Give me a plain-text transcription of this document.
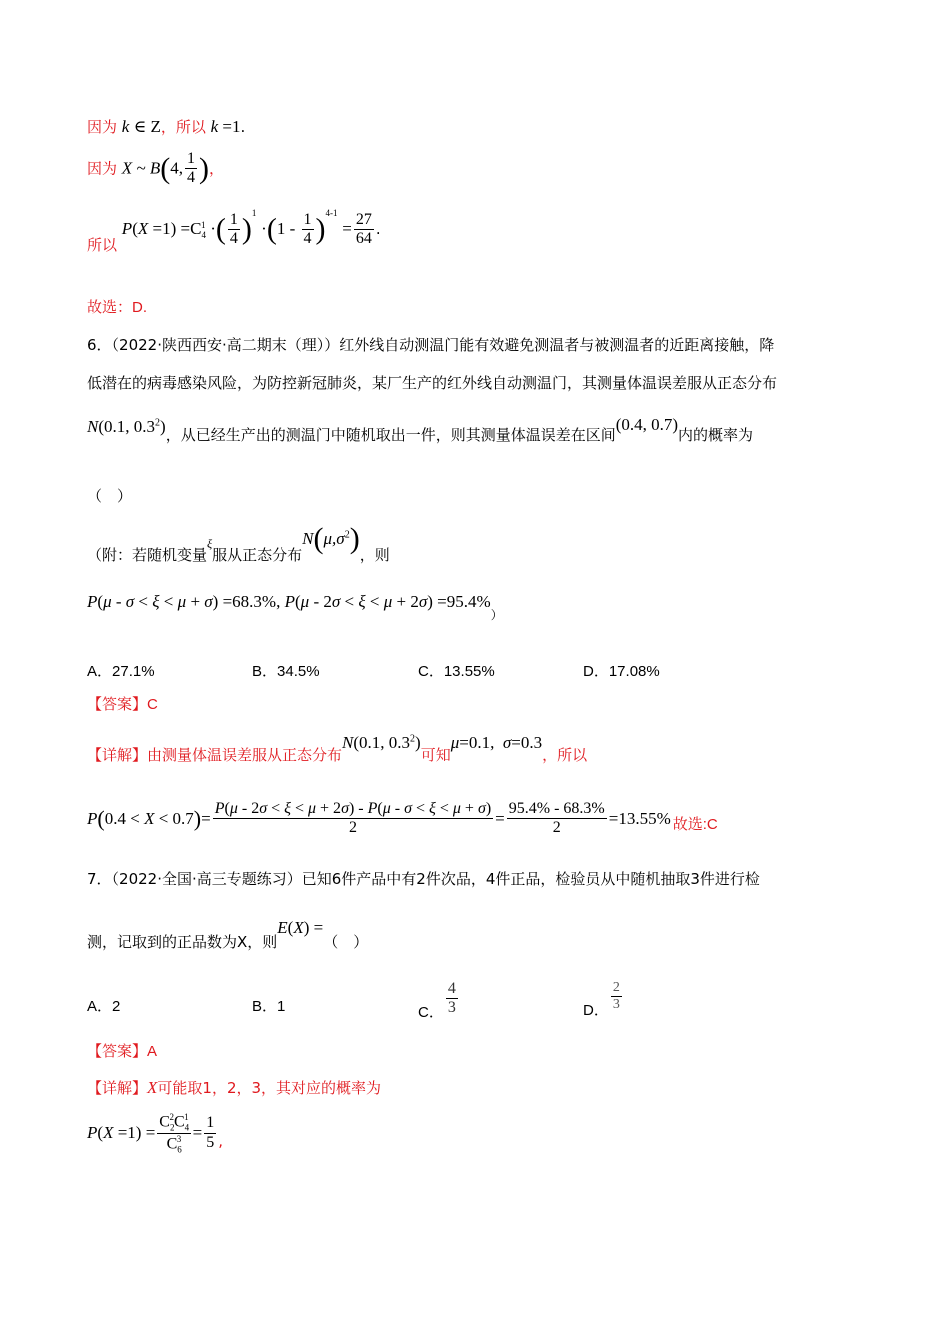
因为 k ∈ Z，所以 k =1.
因为 X ~ B(4, $\frac{1}{4}$ )，
所以 $P(X =1) =C_4^1$ ·( $\frac{1}{4} )^1 \cdot(1 - \frac{1}{4} )^{4-1} = \frac{27}{64}$ .
故选：D.
6．（2022·陕西西安·高二期末（理））红外线自动测温门能有效避免测温者与被测温者的近距离接触，降
低潜在的病毒感染风险，为防控新冠肺炎，某厂生产的红外线自动测温门，其测量体温误差服从正态分布
N(0.1, $0.3^2$)，从已经生产出的测温门中随机取出一件，则其测量体温误差在区间(0.4, 0.7)内的概率为
（　）
（附：若随机变量ξ服从正态分布$N(\mu,\sigma^2)$，则
P(μ - σ < ξ < μ + σ) =68.3%, $P(\mu - 2\sigma < \xi < \mu + 2\sigma) =95.4\%_)$
A．27.1%	B．34.5%	C．13.55%	D．17.08%
【答案】C
【详解】由测量体温误差服从正态分布N(0.1, $0.3^2$)可知μ=0.1,  σ=0.3，所以
P ( 0.4 < X < 0.7 ) = $\frac{P(\mu - 2\sigma < \xi < \mu + 2\sigma) - P(\mu - \sigma < \xi < \mu + \sigma)}{2} = \frac{95.4\% - 68.3\%}{2} =13.55\%$ 故选:C
7．（2022·全国·高三专题练习）已知6件产品中有2件次品，4件正品，检验员从中随机抽取3件进行检
测，记取到的正品数为X，则E(X) =（　）
A．2	B．1	C． $\frac{4}{3}$	D． $\frac{2}{3}$
【答案】A
【详解】X可能取1，2，3，其对应的概率为
$P(X =1) = \frac{C_2^2C_4^1}{C_6^3} = \frac{1}{5}$ ,
